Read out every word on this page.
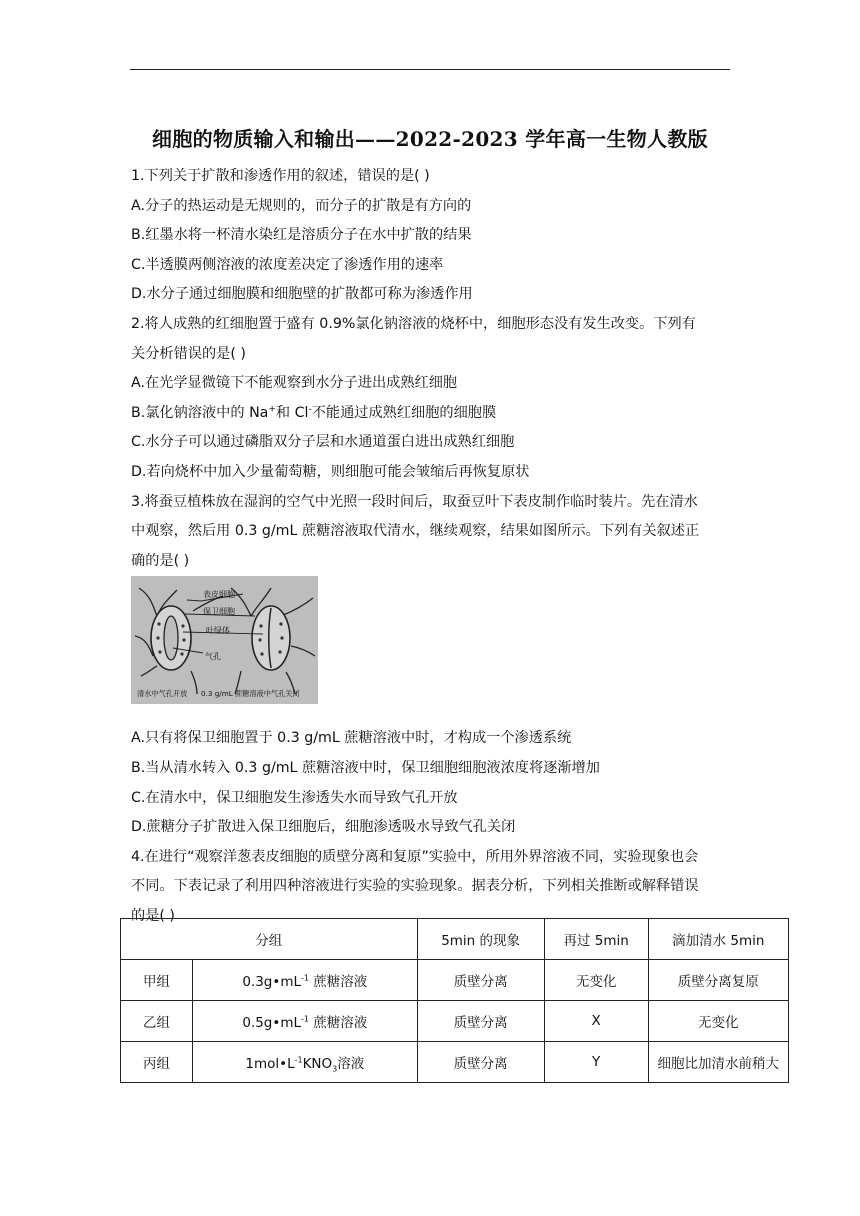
细胞的物质输入和输出——2022-2023 学年高一生物人教版
1.下列关于扩散和渗透作用的叙述，错误的是( )
A.分子的热运动是无规则的，而分子的扩散是有方向的
B.红墨水将一杯清水染红是溶质分子在水中扩散的结果
C.半透膜两侧溶液的浓度差决定了渗透作用的速率
D.水分子通过细胞膜和细胞壁的扩散都可称为渗透作用
2.将人成熟的红细胞置于盛有 0.9%氯化钠溶液的烧杯中，细胞形态没有发生改变。下列有
关分析错误的是( )
A.在光学显微镜下不能观察到水分子进出成熟红细胞
B.氯化钠溶液中的 Na+和 Cl-不能通过成熟红细胞的细胞膜
C.水分子可以通过磷脂双分子层和水通道蛋白进出成熟红细胞
D.若向烧杯中加入少量葡萄糖，则细胞可能会皱缩后再恢复原状
3.将蚕豆植株放在湿润的空气中光照一段时间后，取蚕豆叶下表皮制作临时装片。先在清水
中观察，然后用 0.3 g/mL 蔗糖溶液取代清水，继续观察，结果如图所示。下列有关叙述正
确的是( )
A.只有将保卫细胞置于 0.3 g/mL 蔗糖溶液中时，才构成一个渗透系统
B.当从清水转入 0.3 g/mL 蔗糖溶液中时，保卫细胞细胞液浓度将逐渐增加
C.在清水中，保卫细胞发生渗透失水而导致气孔开放
D.蔗糖分子扩散进入保卫细胞后，细胞渗透吸水导致气孔关闭
4.在进行“观察洋葱表皮细胞的质壁分离和复原”实验中，所用外界溶液不同，实验现象也会
不同。下表记录了利用四种溶液进行实验的实验现象。据表分析，下列相关推断或解释错误
的是( )
表皮细胞
保卫细胞
叶绿体
气孔
清水中气孔开放 0.3 g/mL 蔗糖溶液中气孔关闭
分组		5min 的现象	再过 5min	滴加清水 5min
甲组	$0.3g•mL^{-1}$ 蔗糖溶液	质壁分离	无变化	质壁分离复原
乙组	$0.5g•mL^{-1}$ 蔗糖溶液	质壁分离	X	无变化
丙组	$1mol•L^{-1}KNO_3$溶液	质壁分离	Y	细胞比加清水前稍大
